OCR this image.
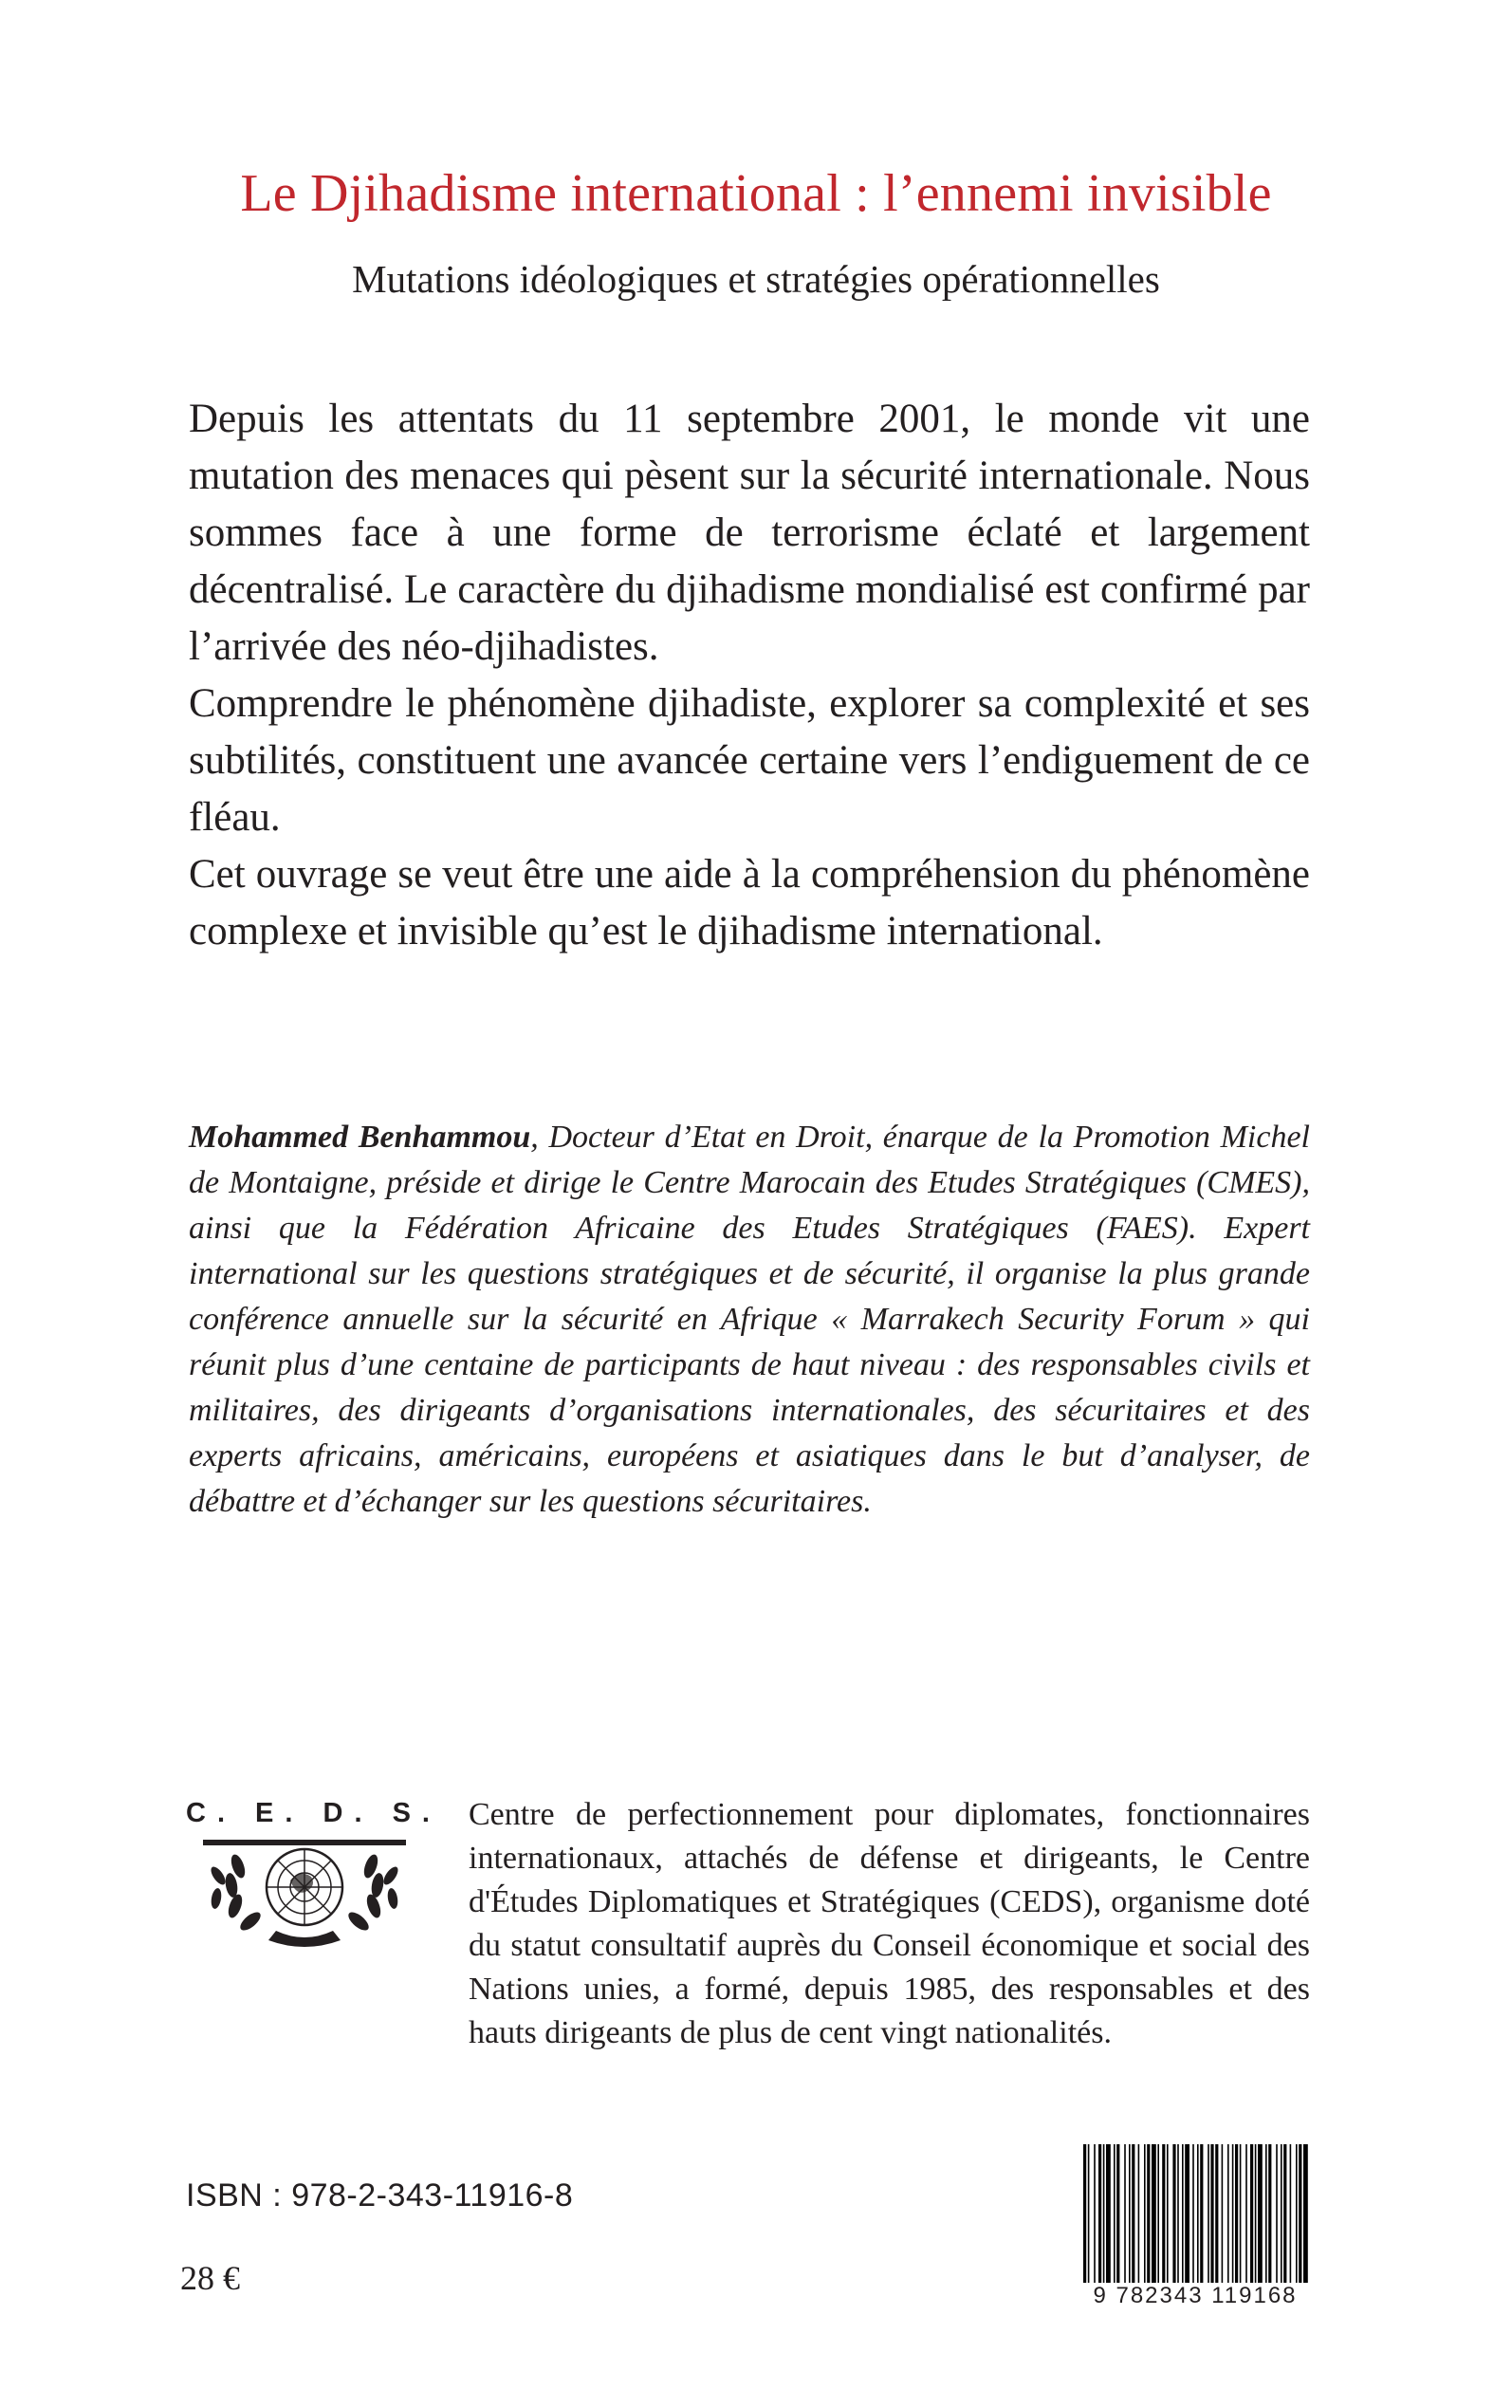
Le Djihadisme international : l’ennemi invisible
Mutations idéologiques et stratégies opérationnelles

Depuis les attentats du 11 septembre 2001, le monde vit une mutation des menaces qui pèsent sur la sécurité internationale. Nous sommes face à une forme de terrorisme éclaté et largement décentralisé. Le caractère du djihadisme mondialisé est confirmé par l’arrivée des néo-djihadistes.

Comprendre le phénomène djihadiste, explorer sa complexité et ses subtilités, constituent une avancée certaine vers l’endiguement de ce fléau.

Cet ouvrage se veut être une aide à la compréhension du phénomène complexe et invisible qu’est le djihadisme international.

Mohammed Benhammou, Docteur d’Etat en Droit, énarque de la Promotion Michel de Montaigne, préside et dirige le Centre Marocain des Etudes Stratégiques (CMES), ainsi que la Fédération Africaine des Etudes Stratégiques (FAES). Expert international sur les questions stratégiques et de sécurité, il organise la plus grande conférence annuelle sur la sécurité en Afrique « Marrakech Security Forum » qui réunit plus d’une centaine de participants de haut niveau : des responsables civils et militaires, des dirigeants d’organisations internationales, des sécuritaires et des experts africains, américains, européens et asiatiques dans le but d’analyser, de débattre et d’échanger sur les questions sécuritaires.

C. E. D. S. Centre de perfectionnement pour diplomates, fonctionnaires internationaux, attachés de défense et dirigeants, le Centre d'Études Diplomatiques et Stratégiques (CEDS), organisme doté du statut consultatif auprès du Conseil économique et social des Nations unies, a formé, depuis 1985, des responsables et des hauts dirigeants de plus de cent vingt nationalités.

ISBN : 978-2-343-11916-8
28 €	9 782343 119168
